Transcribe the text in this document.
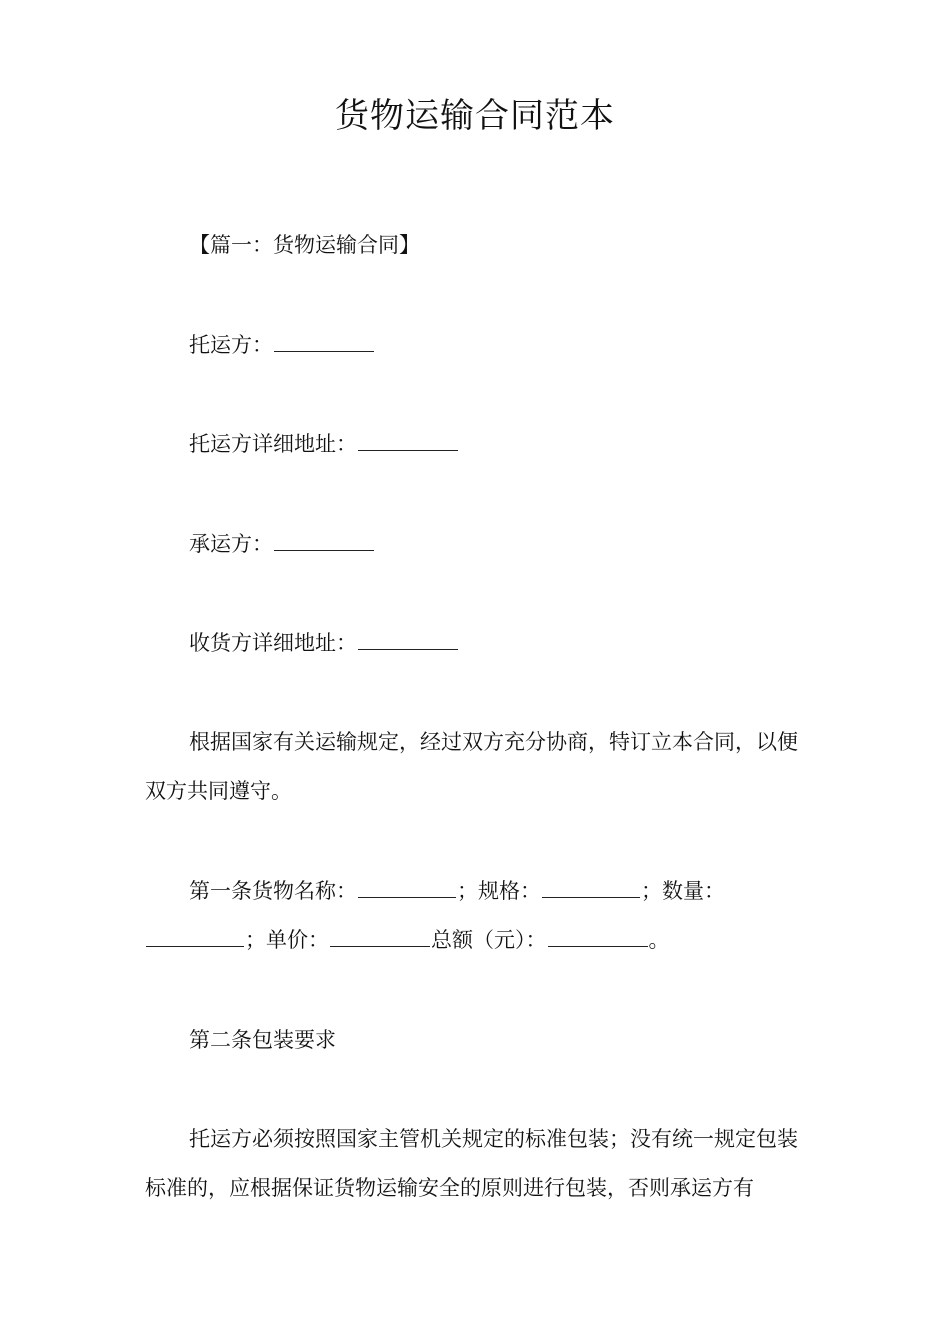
货物运输合同范本
【篇一：货物运输合同】
托运方：
托运方详细地址：
承运方：
收货方详细地址：
根据国家有关运输规定，经过双方充分协商，特订立本合同，以便双方共同遵守。
第一条货物名称：	；规格：	；数量：；单价：	总额（元）：	。
第二条包装要求
托运方必须按照国家主管机关规定的标准包装；没有统一规定包装标准的，应根据保证货物运输安全的原则进行包装，否则承运方有
